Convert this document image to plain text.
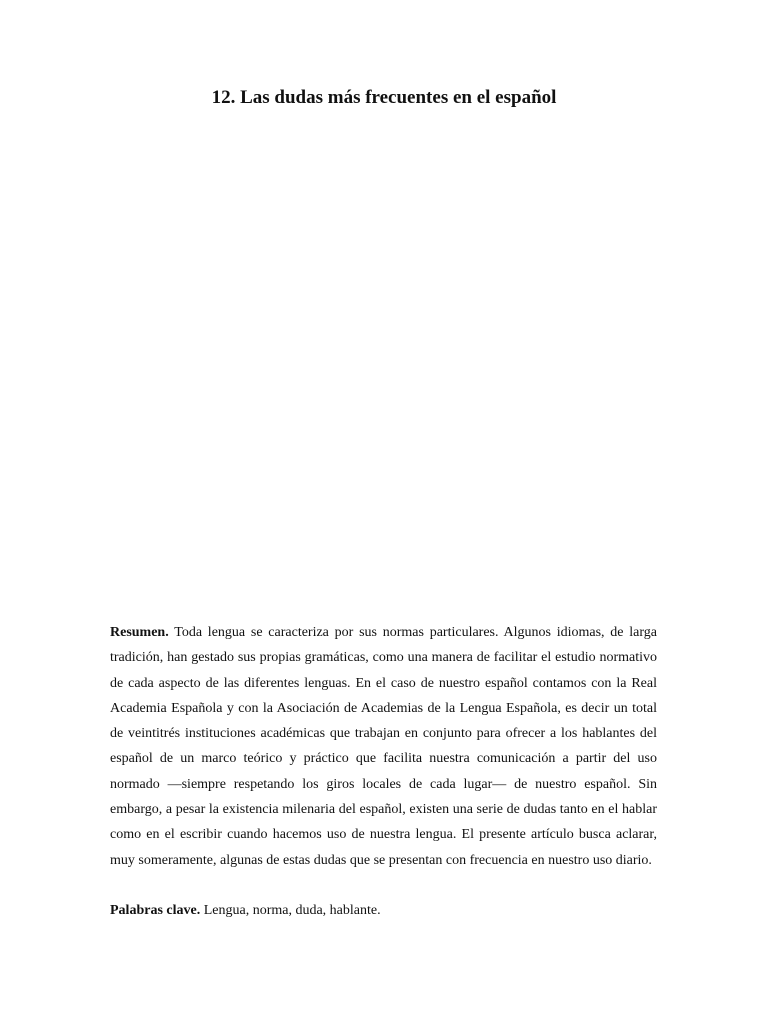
12. Las dudas más frecuentes en el español

Resumen. Toda lengua se caracteriza por sus normas particulares. Algunos idiomas, de larga tradición, han gestado sus propias gramáticas, como una manera de facilitar el estudio normativo de cada aspecto de las diferentes lenguas. En el caso de nuestro español contamos con la Real Academia Española y con la Asociación de Academias de la Lengua Española, es decir un total de veintitrés instituciones académicas que trabajan en conjunto para ofrecer a los hablantes del español de un marco teórico y práctico que facilita nuestra comunicación a partir del uso normado —siempre respetando los giros locales de cada lugar— de nuestro español. Sin embargo, a pesar la existencia milenaria del español, existen una serie de dudas tanto en el hablar como en el escribir cuando hacemos uso de nuestra lengua. El presente artículo busca aclarar, muy someramente, algunas de estas dudas que se presentan con frecuencia en nuestro uso diario.

Palabras clave. Lengua, norma, duda, hablante.
